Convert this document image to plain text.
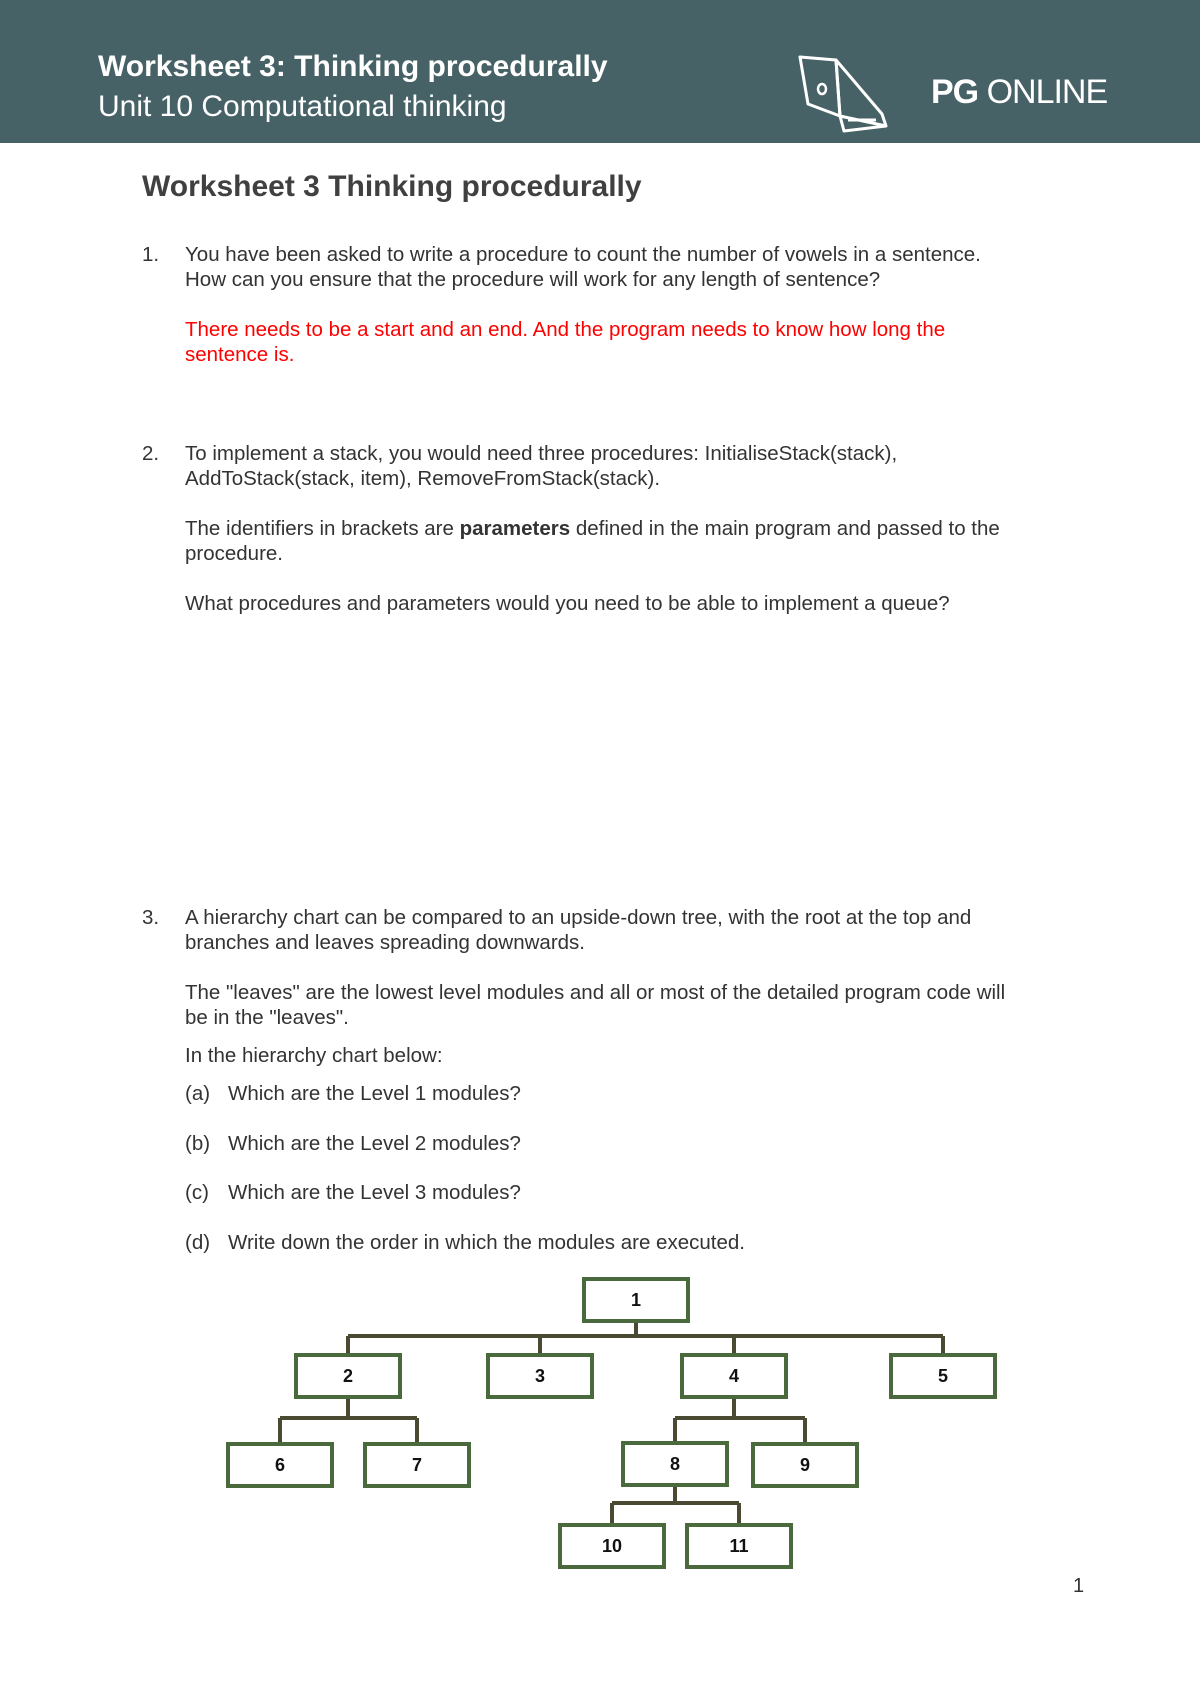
Worksheet 3: Thinking procedurally
Unit 10 Computational thinking	PG ONLINE
Worksheet 3 Thinking procedurally
1. You have been asked to write a procedure to count the number of vowels in a sentence.
How can you ensure that the procedure will work for any length of sentence?
There needs to be a start and an end. And the program needs to know how long the
sentence is.
2. To implement a stack, you would need three procedures: InitialiseStack(stack),
AddToStack(stack, item), RemoveFromStack(stack).
The identifiers in brackets are parameters defined in the main program and passed to the
procedure.
What procedures and parameters would you need to be able to implement a queue?
3. A hierarchy chart can be compared to an upside-down tree, with the root at the top and
branches and leaves spreading downwards.
The "leaves" are the lowest level modules and all or most of the detailed program code will
be in the "leaves".
In the hierarchy chart below:
(a) Which are the Level 1 modules?
(b) Which are the Level 2 modules?
(c) Which are the Level 3 modules?
(d) Write down the order in which the modules are executed.
1
2	3	4	5
6	7	8	9
10	11
1
